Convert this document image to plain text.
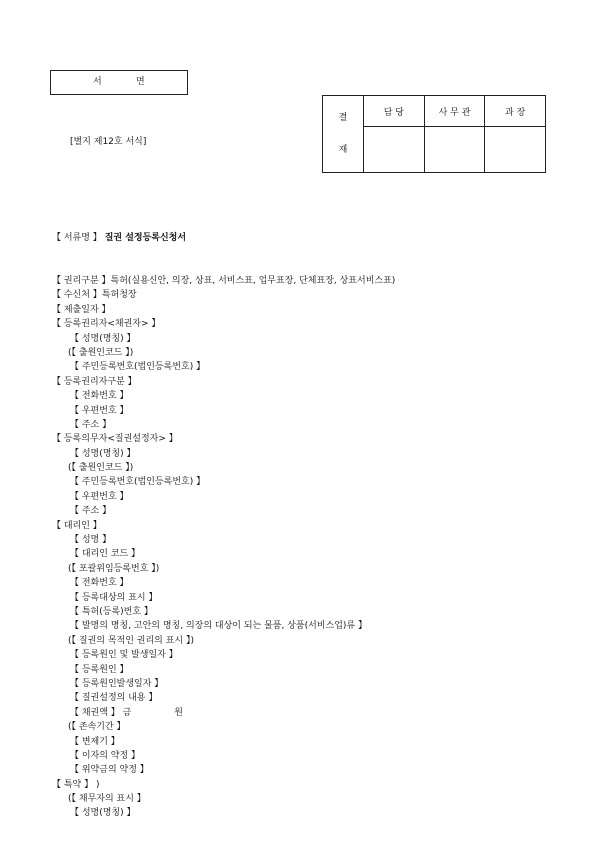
서	면
[별지 제12호 서식]
결
재	담 당	사 무 관	과 장

【 서류명 】 질권 설정등록신청서

【 권리구분 】특허(실용신안, 의장, 상표, 서비스표, 업무표장, 단체표장, 상표서비스표)
【 수신처 】특허청장
【 제출일자 】
【 등록권리자<채권자> 】
【 성명(명칭) 】
(【 출원인코드 】)
【 주민등록번호(법인등록번호) 】
【 등록권리자구분 】
【 전화번호 】
【 우편번호 】
【 주소 】
【 등록의무자<질권설정자> 】
【 성명(명칭) 】
(【 출원인코드 】)
【 주민등록번호(법인등록번호) 】
【 우편번호 】
【 주소 】
【 대리인 】
【 성명 】
【 대리인 코드 】
(【 포괄위임등록번호 】)
【 전화번호 】
【 등록대상의 표시 】
【 특허(등록)번호 】
【 발명의 명칭, 고안의 명칭, 의장의 대상이 되는 물품, 상품(서비스업)류 】
(【 질권의 목적인 권리의 표시 】)
【 등록원인 및 발생일자 】
【 등록원인 】
【 등록원인발생일자 】
【 질권설정의 내용 】
【 채권액 】 금               원
(【 존속기간 】
【 변제기 】
【 이자의 약정 】
【 위약금의 약정 】
【 특약 】 )
(【 채무자의 표시 】
【 성명(명칭) 】
